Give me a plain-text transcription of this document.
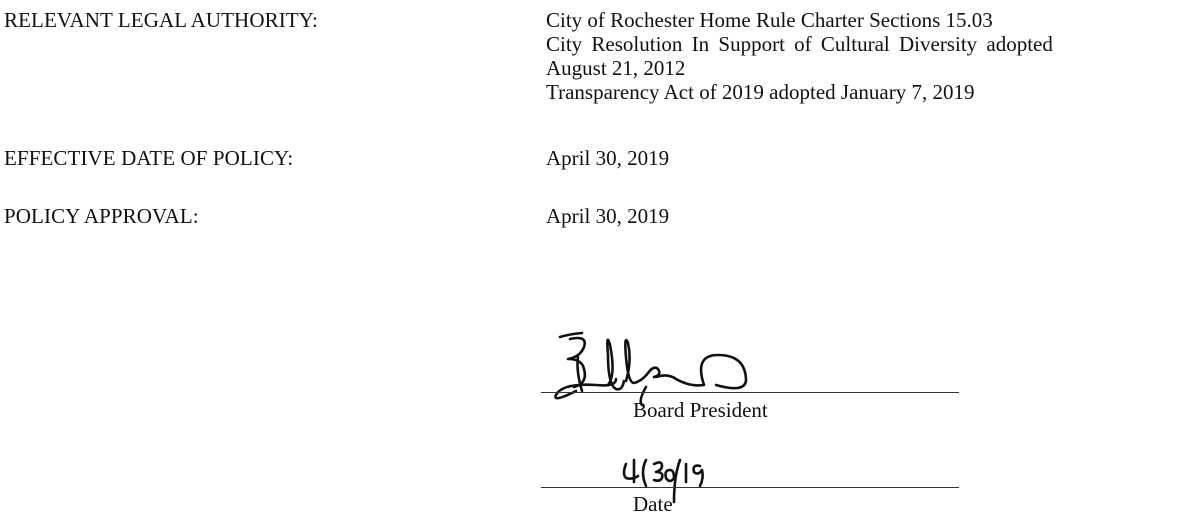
RELEVANT LEGAL AUTHORITY:	City of Rochester Home Rule Charter Sections 15.03
City Resolution In Support of Cultural Diversity adopted
August 21, 2012
Transparency Act of 2019 adopted January 7, 2019
EFFECTIVE DATE OF POLICY:	April 30, 2019
POLICY APPROVAL:	April 30, 2019
Board President
Date
